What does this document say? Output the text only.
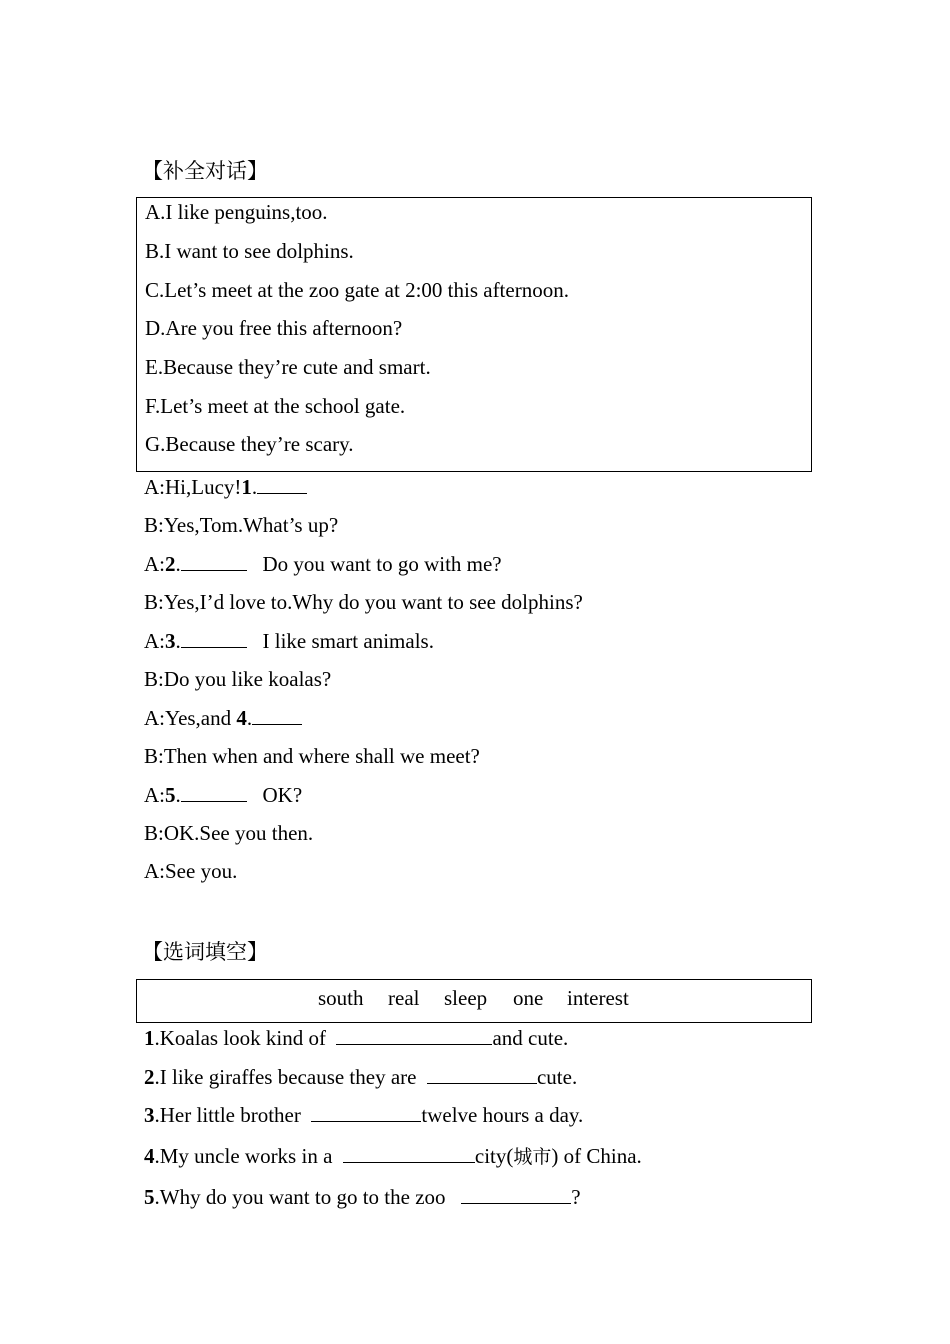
【补全对话】
A.I like penguins,too.
B.I want to see dolphins.
C.Let’s meet at the zoo gate at 2:00 this afternoon.
D.Are you free this afternoon?
E.Because they’re cute and smart.
F.Let’s meet at the school gate.
G.Because they’re scary.
A:Hi,Lucy!1.
B:Yes,Tom.What’s up?
A:2.	Do you want to go with me?
B:Yes,I’d love to.Why do you want to see dolphins?
A:3.	I like smart animals.
B:Do you like koalas?
A:Yes,and 4.
B:Then when and where shall we meet?
A:5.	OK?
B:OK.See you then.
A:See you.
【选词填空】
south real sleep one interest
1.Koalas look kind of	and cute.
2.I like giraffes because they are	cute.
3.Her little brother	twelve hours a day.
4.My uncle works in a	city(城市) of China.
5.Why do you want to go to the zoo	?
